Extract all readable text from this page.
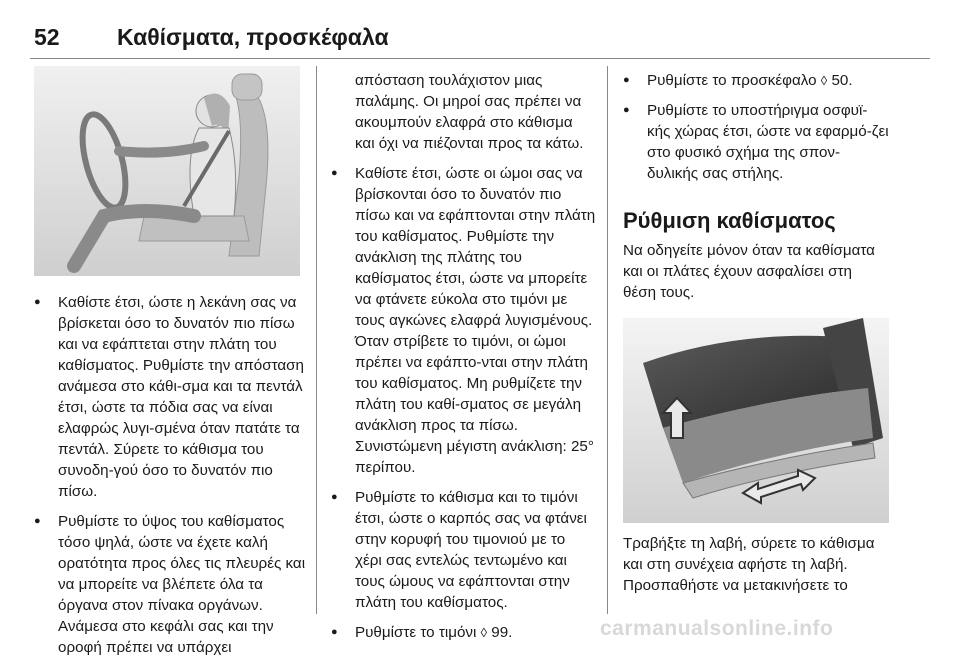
52 Καθίσματα, προσκέφαλα
● Καθίστε έτσι, ώστε η λεκάνη σας να βρίσκεται όσο το δυνατόν πιο πίσω και να εφάπτεται στην πλάτη του καθίσματος. Ρυθμίστε την απόσταση ανάμεσα στο κάθι-σμα και τα πεντάλ έτσι, ώστε τα πόδια σας να είναι ελαφρώς λυγι-σμένα όταν πατάτε τα πεντάλ. Σύρετε το κάθισμα του συνοδη-γού όσο το δυνατόν πιο πίσω.
● Ρυθμίστε το ύψος του καθίσματος τόσο ψηλά, ώστε να έχετε καλή ορατότητα προς όλες τις πλευρές και να μπορείτε να βλέπετε όλα τα όργανα στον πίνακα οργάνων. Ανάμεσα στο κεφάλι σας και την οροφή πρέπει να υπάρχει
απόσταση τουλάχιστον μιας παλάμης. Οι μηροί σας πρέπει να ακουμπούν ελαφρά στο κάθισμα και όχι να πιέζονται προς τα κάτω.
● Καθίστε έτσι, ώστε οι ώμοι σας να βρίσκονται όσο το δυνατόν πιο πίσω και να εφάπτονται στην πλάτη του καθίσματος. Ρυθμίστε την ανάκλιση της πλάτης του καθίσματος έτσι, ώστε να μπορείτε να φτάνετε εύκολα στο τιμόνι με τους αγκώνες ελαφρά λυγισμένους. Όταν στρίβετε το τιμόνι, οι ώμοι πρέπει να εφάπτο-νται στην πλάτη του καθίσματος. Μη ρυθμίζετε την πλάτη του καθί-σματος σε μεγάλη ανάκλιση προς τα πίσω. Συνιστώμενη μέγιστη ανάκλιση: 25° περίπου.
● Ρυθμίστε το κάθισμα και το τιμόνι έτσι, ώστε ο καρπός σας να φτάνει στην κορυφή του τιμονιού με το χέρι σας εντελώς τεντωμένο και τους ώμους να εφάπτονται στην πλάτη του καθίσματος.
● Ρυθμίστε το τιμόνι ◊ 99.
● Ρυθμίστε το προσκέφαλο ◊ 50.
● Ρυθμίστε το υποστήριγμα οσφυϊ-κής χώρας έτσι, ώστε να εφαρμό-ζει στο φυσικό σχήμα της σπον-δυλικής σας στήλης.
Ρύθμιση καθίσματος

Να οδηγείτε μόνον όταν τα καθίσματα και οι πλάτες έχουν ασφαλίσει στη θέση τους.

Τραβήξτε τη λαβή, σύρετε το κάθισμα και στη συνέχεια αφήστε τη λαβή. Προσπαθήστε να μετακινήσετε το

carmanualsonline.info
